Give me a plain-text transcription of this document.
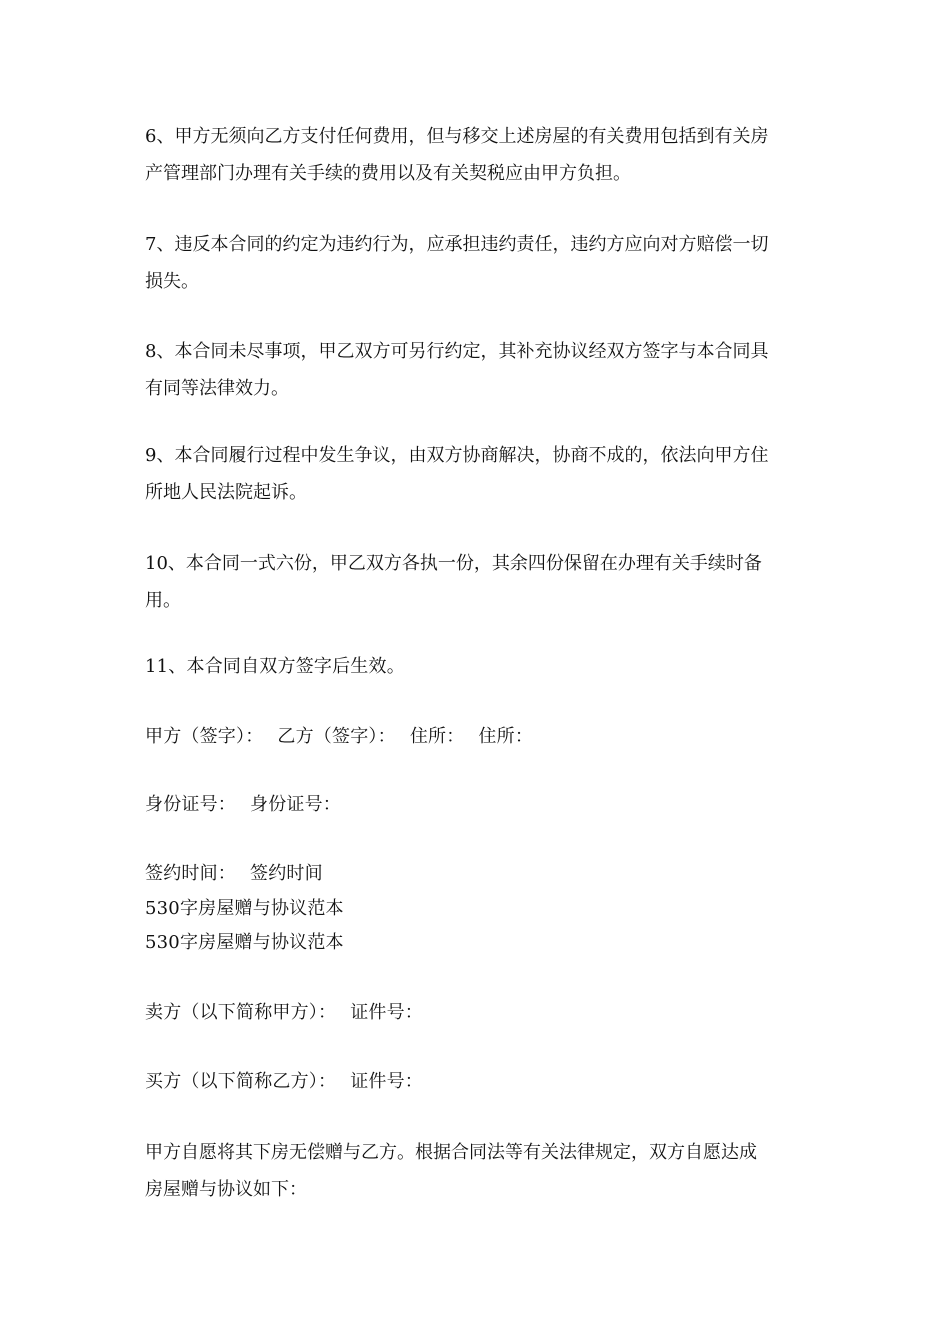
6、甲方无须向乙方支付任何费用，但与移交上述房屋的有关费用包括到有关房
产管理部门办理有关手续的费用以及有关契税应由甲方负担。
7、违反本合同的约定为违约行为，应承担违约责任，违约方应向对方赔偿一切
损失。
8、本合同未尽事项，甲乙双方可另行约定，其补充协议经双方签字与本合同具
有同等法律效力。
9、本合同履行过程中发生争议，由双方协商解决，协商不成的，依法向甲方住
所地人民法院起诉。
10、本合同一式六份，甲乙双方各执一份，其余四份保留在办理有关手续时备
用。
11、本合同自双方签字后生效。
甲方（签字）： 乙方（签字）： 住所： 住所：
身份证号： 身份证号：
签约时间： 签约时间
530字房屋赠与协议范本
530字房屋赠与协议范本
卖方（以下简称甲方）： 证件号：
买方（以下简称乙方）： 证件号：
甲方自愿将其下房无偿赠与乙方。根据合同法等有关法律规定，双方自愿达成
房屋赠与协议如下：
